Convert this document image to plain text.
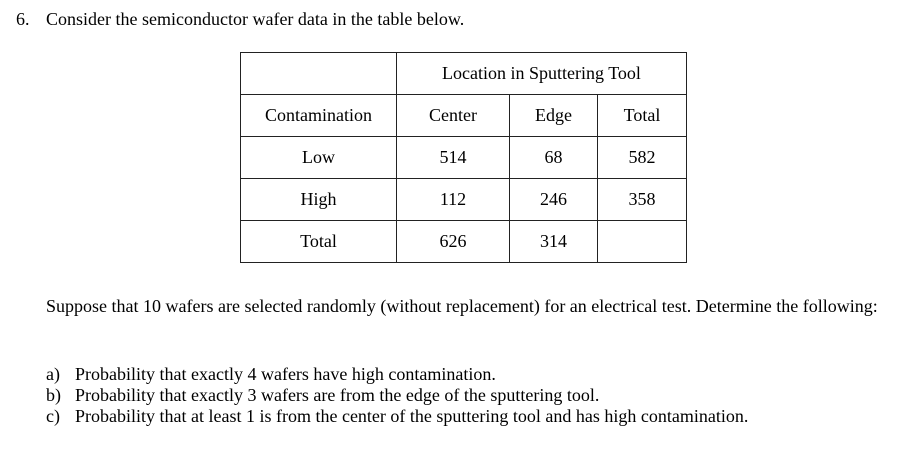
6. Consider the semiconductor wafer data in the table below.
	Location in Sputtering Tool		
Contamination	Center	Edge	Total
Low	514	68	582
High	112	246	358
Total	626	314	
Suppose that 10 wafers are selected randomly (without replacement) for an electrical test. Determine the following:
a) Probability that exactly 4 wafers have high contamination.
b) Probability that exactly 3 wafers are from the edge of the sputtering tool.
c) Probability that at least 1 is from the center of the sputtering tool and has high contamination.
